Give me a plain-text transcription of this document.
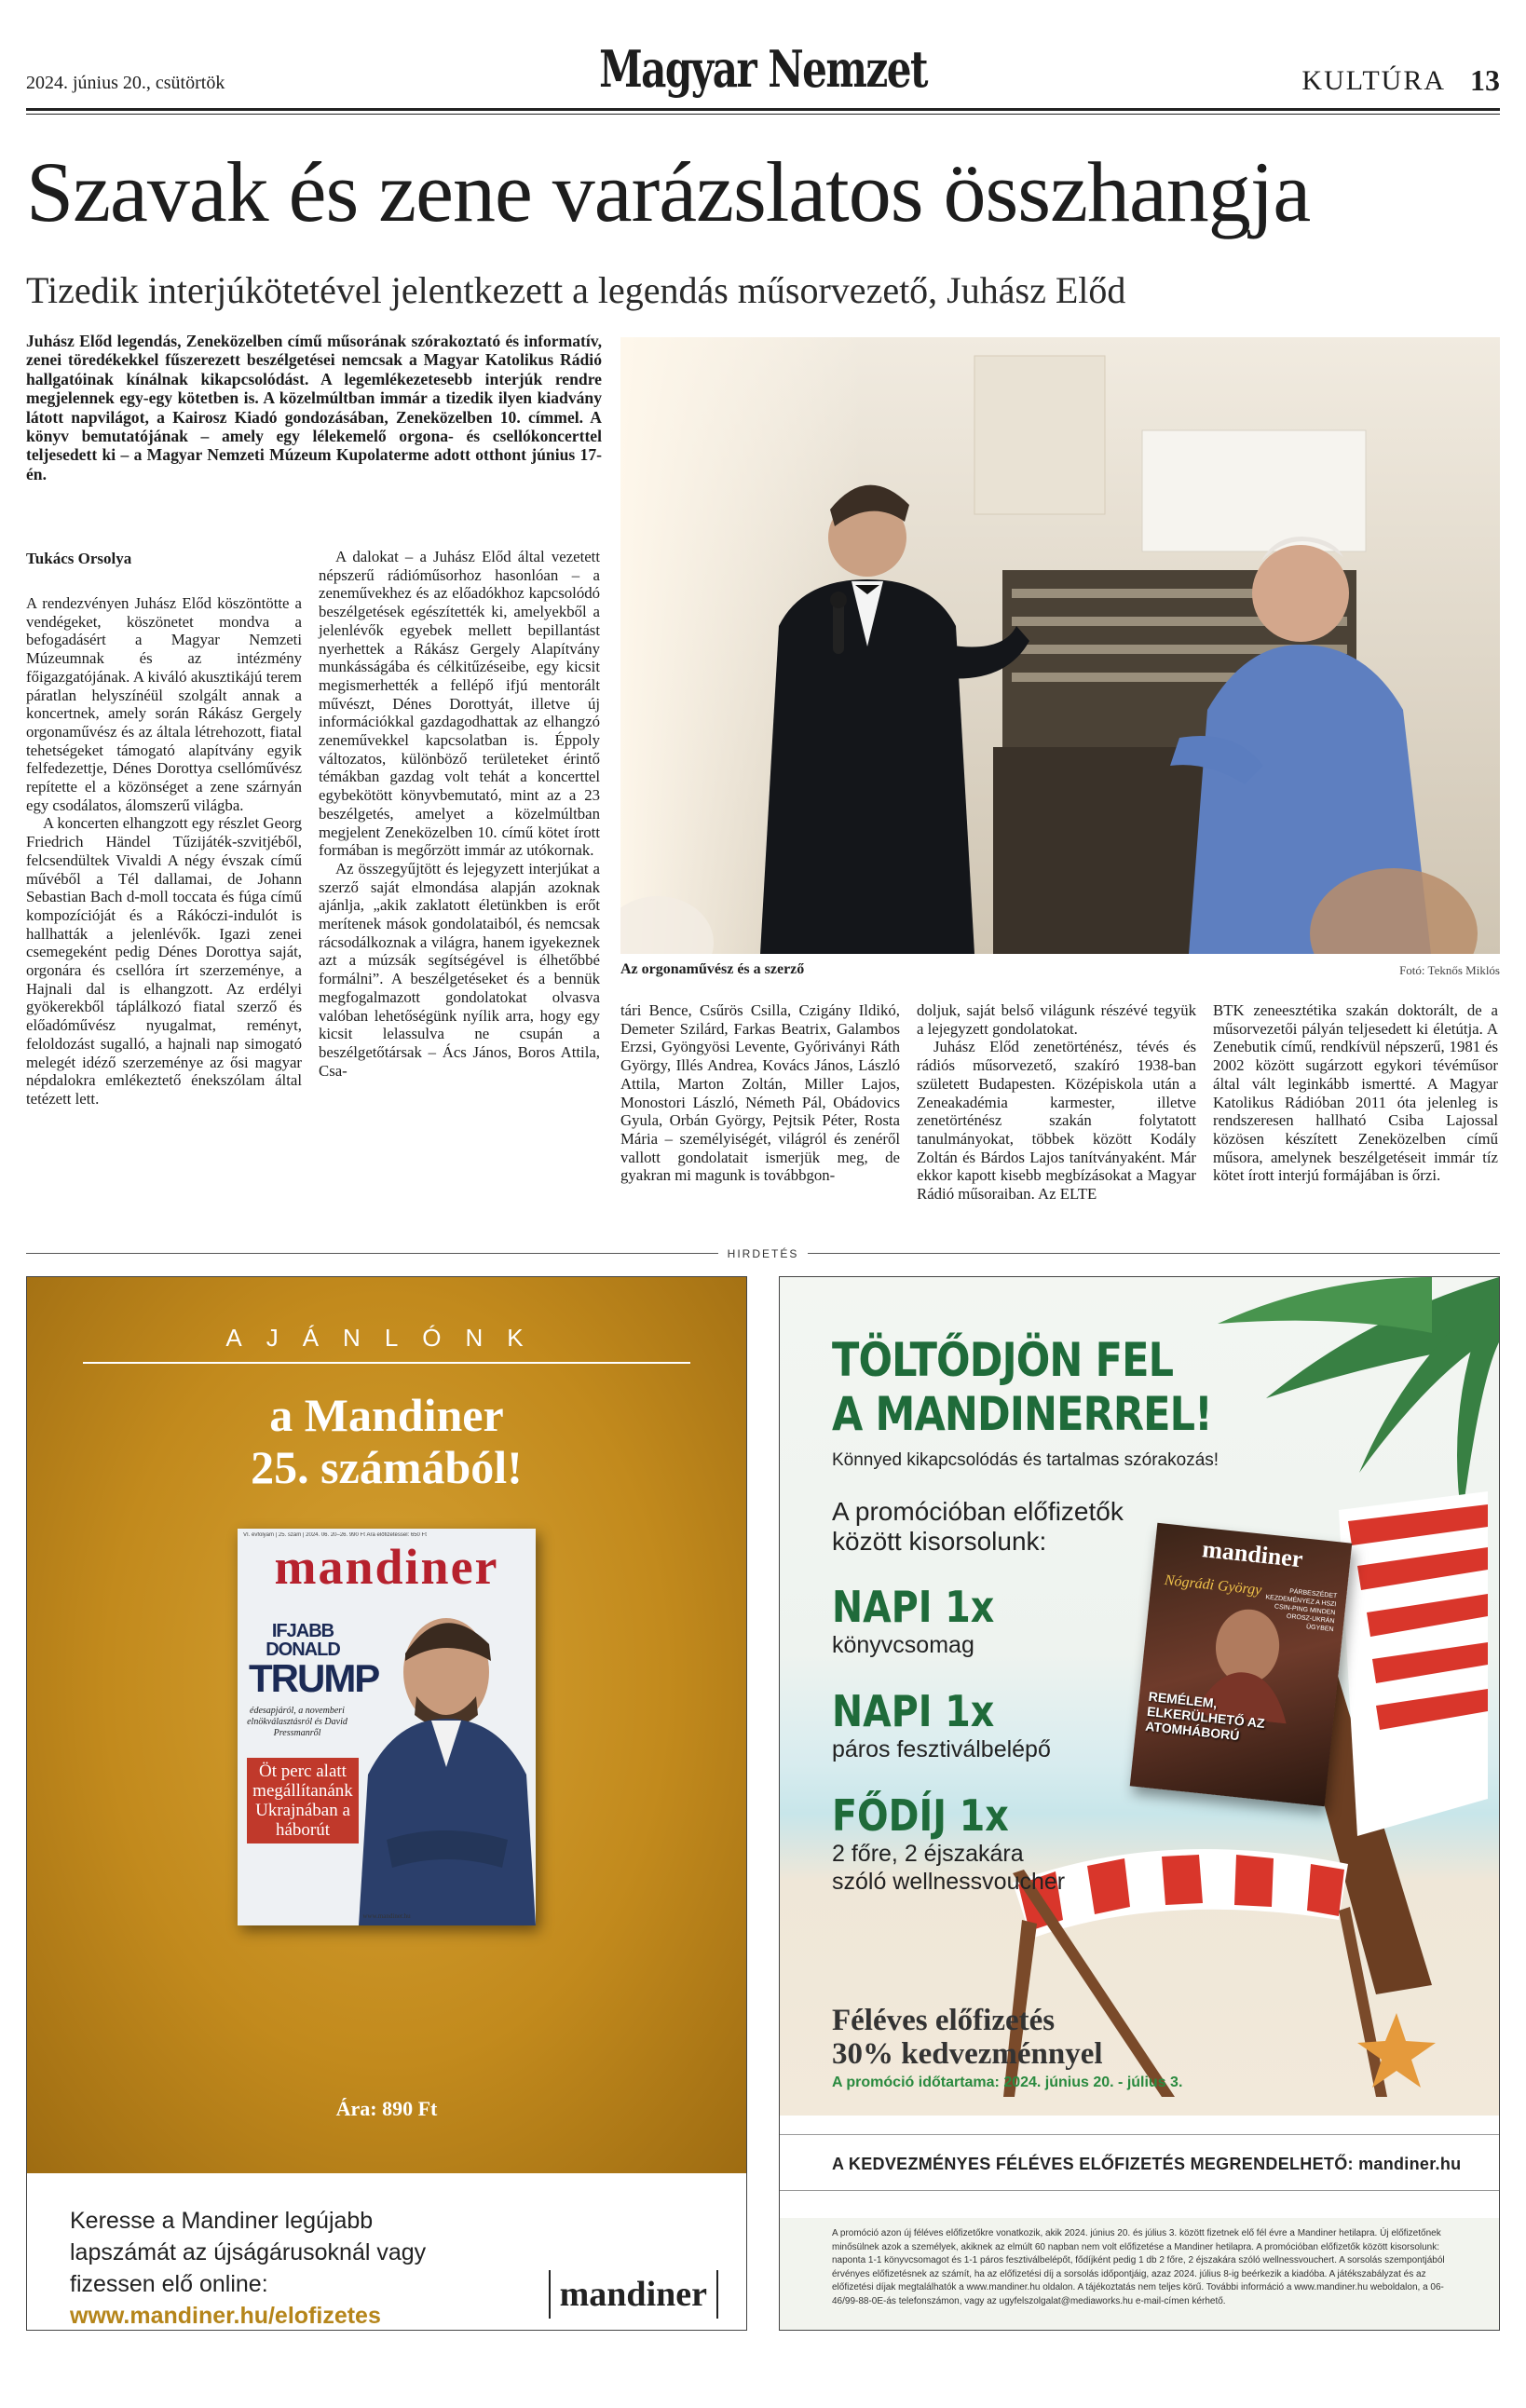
2024. június 20., csütörtök	Magyar Nemzet	KULTÚRA 13
Szavak és zene varázslatos összhangja
Tizedik interjúkötetével jelentkezett a legendás műsorvezető, Juhász Előd
Juhász Előd legendás, Zeneközelben című műsorának szórakoztató és informatív, zenei töredékekkel fűszerezett beszélgetései nemcsak a Magyar Katolikus Rádió hallgatóinak kínálnak kikapcsolódást. A legemlékezetesebb interjúk rendre megjelennek egy-egy kötetben is. A közelmúltban immár a tizedik ilyen kiadvány látott napvilágot, a Kairosz Kiadó gondozásában, Zeneközelben 10. címmel. A könyv bemutatójának – amely egy lélekemelő orgona- és csellókoncerttel teljesedett ki – a Magyar Nemzeti Múzeum Kupolaterme adott otthont június 17-én.
Tukács Orsolya

A rendezvényen Juhász Előd köszöntötte a vendégeket, köszönetet mondva a befogadásért a Magyar Nemzeti Múzeumnak és az intézmény főigazgatójának. A kiváló akusztikájú terem páratlan helyszínéül szolgált annak a koncertnek, amely során Rákász Gergely orgonaművész és az általa létrehozott, fiatal tehetségeket támogató alapítvány egyik felfedezettje, Dénes Dorottya csellóművész repítette el a közönséget a zene szárnyán egy csodálatos, álomszerű világba.

A koncerten elhangzott egy részlet Georg Friedrich Händel Tűzijáték-szvitjéből, felcsendültek Vivaldi A négy évszak című művéből a Tél dallamai, de Johann Sebastian Bach d-moll toccata és fúga című kompozícióját és a Rákóczi-indulót is hallhatták a jelenlévők. Igazi zenei csemegeként pedig Dénes Dorottya saját, orgonára és csellóra írt szerzeménye, a Hajnali dal is elhangzott. Az erdélyi gyökerekből táplálkozó fiatal szerző és előadóművész nyugalmat, reményt, feloldozást sugalló, a hajnali nap simogató melegét idéző szerzeménye az ősi magyar népdalokra emlékeztető énekszólam által tetézett lett.

A dalokat – a Juhász Előd által vezetett népszerű rádióműsorhoz hasonlóan – a zeneművekhez és az előadókhoz kapcsolódó beszélgetések egészítették ki, amelyekből a jelenlévők egyebek mellett bepillantást nyerhettek a Rákász Gergely Alapítvány munkásságába és célkitűzéseibe, egy kicsit megismerhették a fellépő ifjú mentorált művészt, Dénes Dorottyát, illetve új információkkal gazdagodhattak az elhangzó zeneművekkel kapcsolatban is. Éppoly változatos, különböző területeket érintő témákban gazdag volt tehát a koncerttel egybekötött könyvbemutató, mint az a 23 beszélgetés, amelyet a közelmúltban megjelent Zeneközelben 10. című kötet írott formában is megőrzött immár az utókornak.

Az összegyűjtött és lejegyzett interjúkat a szerző saját elmondása alapján azoknak ajánlja, „akik zaklatott életünkben is erőt merítenek mások gondolataiból, és nemcsak rácsodálkoznak a világra, hanem igyekeznek azt a múzsák segítségével is élhetőbbé formálni”. A beszélgetéseket és a bennük megfogalmazott gondolatokat olvasva valóban lehetőségünk nyílik arra, hogy egy kicsit lelassulva ne csupán a beszélgetőtársak – Ács János, Boros Attila, Csa-

tári Bence, Csűrös Csilla, Czigány Ildikó, Demeter Szilárd, Farkas Beatrix, Galambos Erzsi, Gyöngyösi Levente, Győriványi Ráth György, Illés Andrea, Kovács János, László Attila, Marton Zoltán, Miller Lajos, Monostori László, Németh Pál, Obádovics Gyula, Orbán György, Pejtsik Péter, Rosta Mária – személyiségét, világról és zenéről vallott gondolatait ismerjük meg, de gyakran mi magunk is továbbgon-

doljuk, saját belső világunk részévé tegyük a lejegyzett gondolatokat.

Juhász Előd zenetörténész, tévés és rádiós műsorvezető, szakíró 1938-ban született Budapesten. Középiskola után a Zeneakadémia karmester, illetve zenetörténész szakán folytatott tanulmányokat, többek között Kodály Zoltán és Bárdos Lajos tanítványaként. Már ekkor kapott kisebb megbízásokat a Magyar Rádió műsoraiban. Az ELTE

BTK zeneesztétika szakán doktorált, de a műsorvezetői pályán teljesedett ki életútja. A Zenebutik című, rendkívül népszerű, 1981 és 2002 között sugárzott egykori tévéműsor által vált leginkább ismertté. A Magyar Katolikus Rádióban 2011 óta jelenleg is rendszeresen hallható Csiba Lajossal közösen készített Zeneközelben című műsora, amelynek beszélgetéseit immár tíz kötet írott interjú formájában is őrzi.

Az orgonaművész és a szerző	Fotó: Teknős Miklós
HIRDETÉS
AJÁNLÓNK
a Mandiner
25. számából!
VI. évfolyam | 25. szám | 2024. 06. 20–26. 990 Ft Ára előfizetéssel: 650 Ft
mandiner
IFJABB DONALD
TRUMP
édesapjáról, a novemberi elnökválasztásról és David Pressmanről
Öt perc alatt megállítanánk Ukrajnában a háborút
www.mandiner.hu
Ára: 890 Ft
Keresse a Mandiner legújabb lapszámát az újságárusoknál vagy fizessen elő online:
www.mandiner.hu/elofizetes
mandiner
mandiner
Nógrádi György	PÁRBESZÉDET KEZDEMÉNYEZ A HSZI CSIN-PING MINDEN OROSZ-UKRÁN ÜGYBEN
REMÉLEM, ELKERÜLHETŐ AZ ATOMHÁBORÚ
TÖLTŐDJÖN FEL
A MANDINERREL!
Könnyed kikapcsolódás és tartalmas szórakozás!
A promócióban előfizetők
között kisorsolunk:
NAPI 1x
könyvcsomag
NAPI 1x
páros fesztiválbelépő
FŐDÍJ 1x
2 főre, 2 éjszakára
szóló wellnessvoucher
Féléves előfizetés
30% kedvezménnyel
A promóció időtartama: 2024. június 20. - július 3.
A KEDVEZMÉNYES FÉLÉVES ELŐFIZETÉS MEGRENDELHETŐ: mandiner.hu
A promóció azon új féléves előfizetőkre vonatkozik, akik 2024. június 20. és július 3. között fizetnek elő fél évre a Mandiner hetilapra. Új előfizetőnek minősülnek azok a személyek, akiknek az elmúlt 60 napban nem volt előfizetése a Mandiner hetilapra. A promócióban előfizetők között kisorsolunk: naponta 1-1 könyvcsomagot és 1-1 páros fesztiválbelépőt, fődíjként pedig 1 db 2 főre, 2 éjszakára szóló wellnessvouchert. A sorsolás szempontjából érvényes előfizetésnek az számít, ha az előfizetési díj a sorsolás időpontjáig, azaz 2024. július 8-ig beérkezik a kiadóba. A játékszabályzat és az előfizetési díjak megtalálhatók a www.mandiner.hu oldalon. A tájékoztatás nem teljes körű. További információ a www.mandiner.hu weboldalon, a 06-46/99-88-0E-ás telefonszámon, vagy az ugyfelszolgalat@mediaworks.hu e-mail-címen kérhető.
